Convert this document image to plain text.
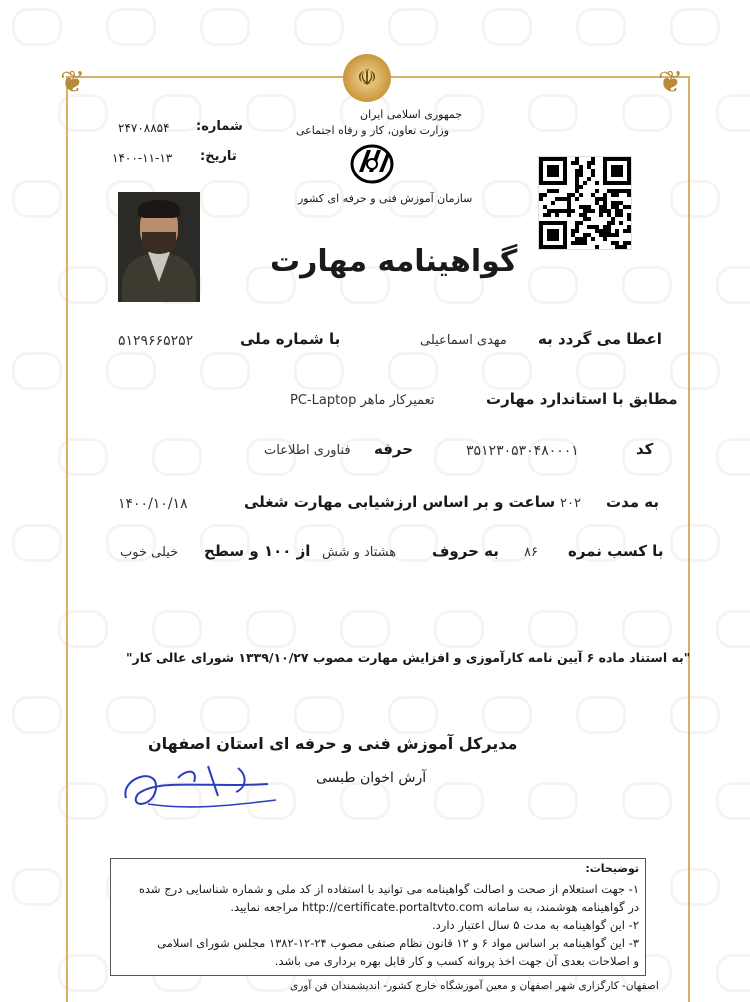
❦	❦
☫
جمهوری اسلامی ایران
وزارت تعاون، کار و رفاه اجتماعی
سازمان آموزش فنی و حرفه ای کشور
شماره:
۲۴۷۰۸۸۵۴
تاریخ:
۱۴۰۰-۱۱-۱۳
گواهینامه مهارت
اعطا می گردد به
مهدی اسماعیلی
با شماره ملی
۵۱۲۹۶۶۵۲۵۲
مطابق با استاندارد مهارت
تعمیرکار ماهر PC-Laptop
کد
۳۵۱۲۳۰۵۳۰۴۸۰۰۰۱
حرفه
فناوری اطلاعات
به مدت
۲۰۲
ساعت و بر اساس ارزشیابی مهارت شغلی
۱۴۰۰/۱۰/۱۸
با کسب نمره
۸۶
به حروف
هشتاد و شش
از ۱۰۰ و سطح
خیلی خوب
"به استناد ماده ۶ آیین نامه کارآموزی و افزایش مهارت مصوب ۱۳۳۹/۱۰/۲۷ شورای عالی کار"
مدیرکل آموزش فنی و حرفه ای استان اصفهان
آرش اخوان طبسی
توضیحات:
۱- جهت استعلام از صحت و اصالت گواهینامه می توانید با استفاده از کد ملی و شماره شناسایی درج شده
در گواهینامه هوشمند، به سامانه http://certificate.portaltvto.com مراجعه نمایید.
۲- این گواهینامه به مدت ۵ سال اعتبار دارد.
۳- این گواهینامه بر اساس مواد ۶ و ۱۲ قانون نظام صنفی مصوب ۲۴-۱۲-۱۳۸۲ مجلس شورای اسلامی
و اصلاحات بعدی آن جهت اخذ پروانه کسب و کار قابل بهره برداری می باشد.
اصفهان- کارگزاری شهر اصفهان و معین آموزشگاه خارج کشور- اندیشمندان فن آوری
